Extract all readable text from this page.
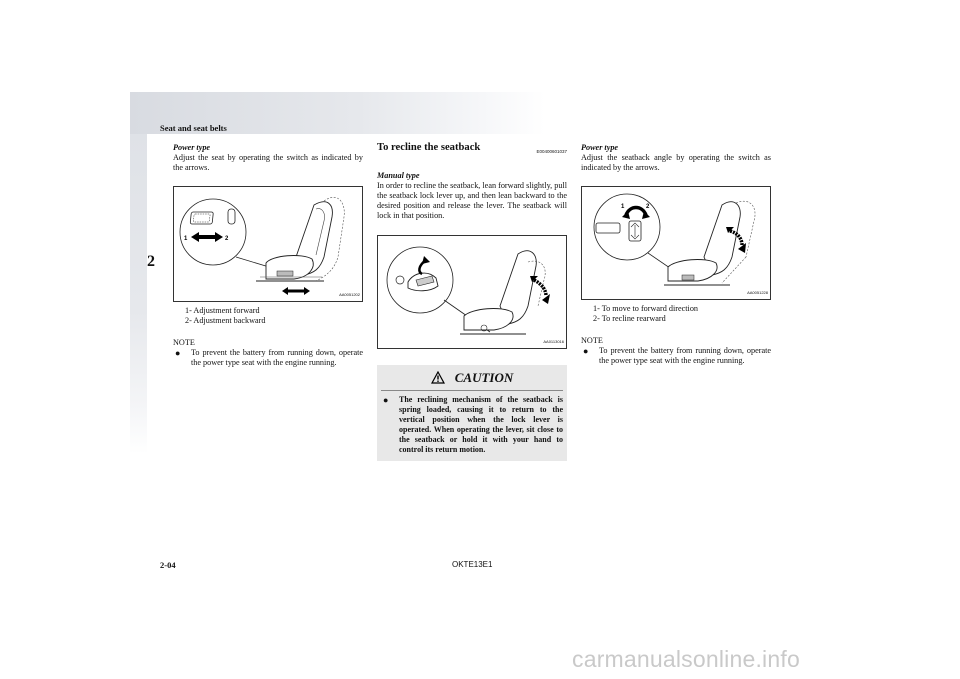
Seat and seat belts
2
Power type
Adjust the seat by operating the switch as indicated by the arrows.
1	2
AA0051202
1- Adjustment forward
2- Adjustment backward
NOTE
●	To prevent the battery from running down, operate the power type seat with the engine running.
To recline the seatback	E00400601037
Manual type
In order to recline the seatback, lean forward slightly, pull the seatback lock lever up, and then lean backward to the desired position and release the lever. The seatback will lock in that position.
AA0113016
CAUTION
●	The reclining mechanism of the seatback is spring loaded, causing it to return to the vertical position when the lock lever is operated. When operating the lever, sit close to the seatback or hold it with your hand to control its return motion.
Power type
Adjust the seatback angle by operating the switch as indicated by the arrows.
1	2
AA0051228
1- To move to forward direction
2- To recline rearward
NOTE
●	To prevent the battery from running down, operate the power type seat with the engine running.
2-04	OKTE13E1
carmanualsonline.info
